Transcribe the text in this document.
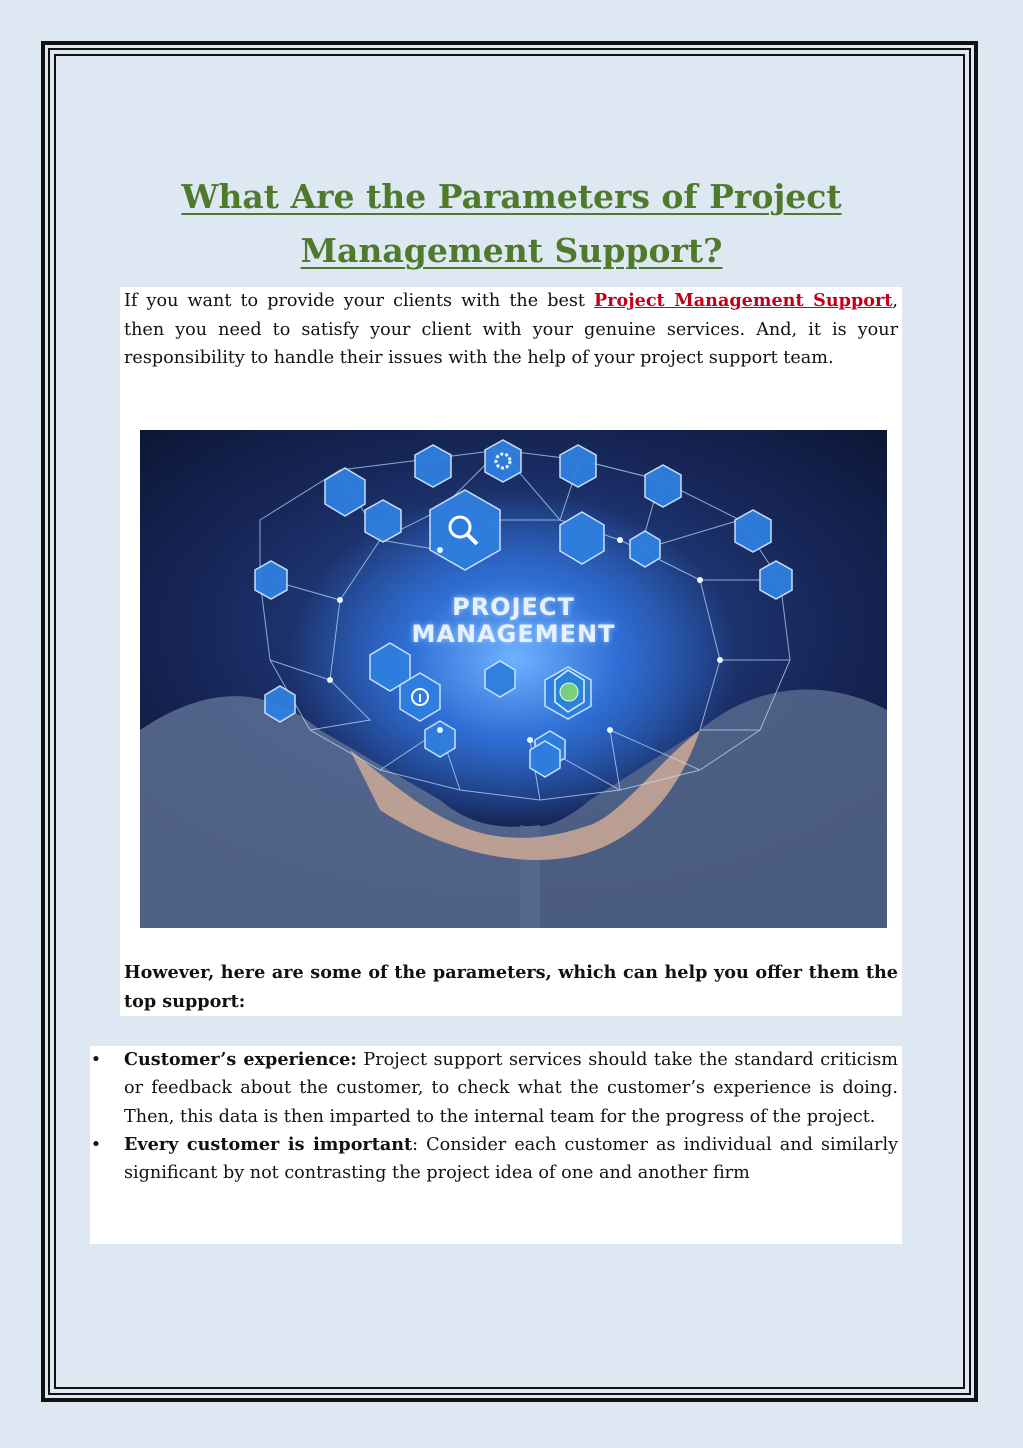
What Are the Parameters of Project Management Support?
If you want to provide your clients with the best Project Management Support, then you need to satisfy your client with your genuine services. And, it is your responsibility to handle their issues with the help of your project support team.
PROJECT
MANAGEMENT

However, here are some of the parameters, which can help you offer them the top support:

• Customer’s experience: Project support services should take the standard criticism or feedback about the customer, to check what the customer’s experience is doing. Then, this data is then imparted to the internal team for the progress of the project.
• Every customer is important: Consider each customer as individual and similarly significant by not contrasting the project idea of one and another firm
